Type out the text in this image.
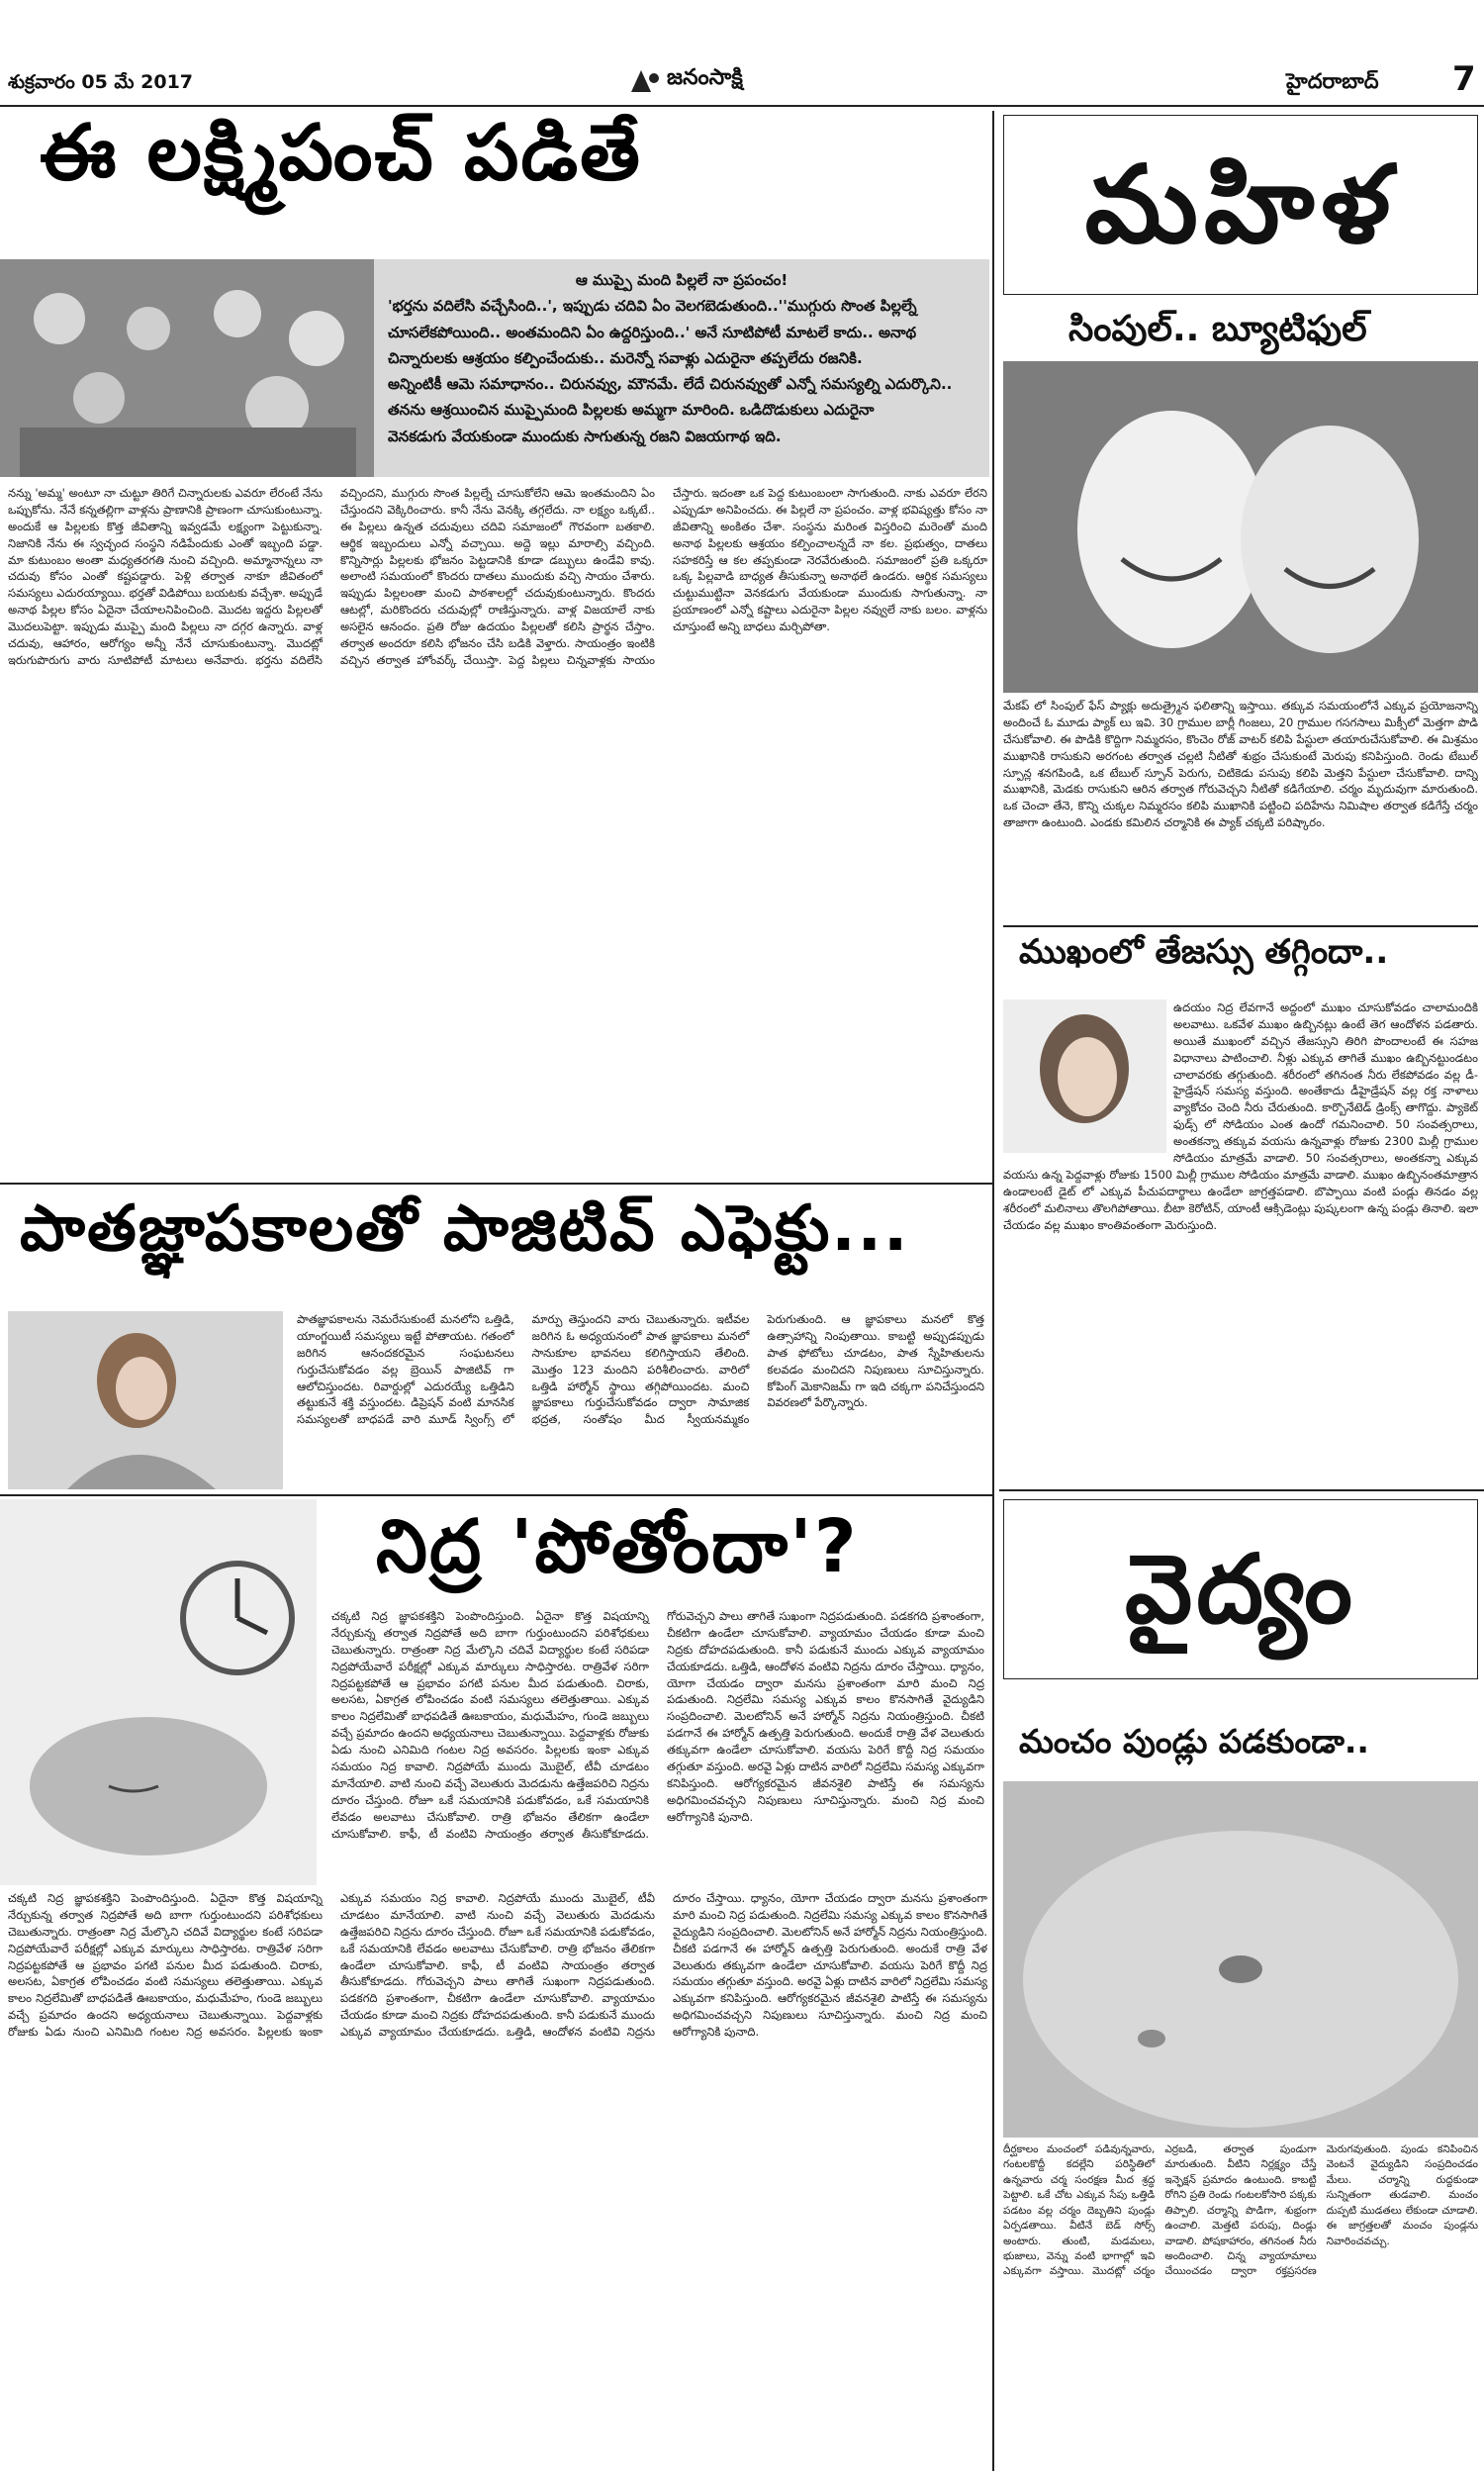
శుక్రవారం 05 మే 2017	జనంసాక్షి	హైదరాబాద్ 7
ఈ లక్ష్మిపంచ్ పడితే
ఆ ముప్పై మంది పిల్లలే నా ప్రపంచం!
'భర్తను వదిలేసి వచ్చేసింది..', ఇప్పుడు చదివి ఏం వెలగబెడుతుంది..''ముగ్గురు సొంత పిల్లల్నే
చూసలేకపోయింది.. అంతమందిని ఏం ఉద్దరిస్తుంది..' అనే సూటిపోటీ మాటలే కాదు.. అనాథ
చిన్నారులకు ఆశ్రయం కల్పించేందుకు.. మరెన్నో సవాళ్లు ఎదురైనా తప్పలేదు రజనికి.
అన్నింటికీ ఆమె సమాధానం.. చిరునవ్వు, మౌనమే. లేదే చిరునవ్వుతో ఎన్నో సమస్యల్ని ఎదుర్కొని..
తనను ఆశ్రయించిన ముప్పైమంది పిల్లలకు అమ్మగా మారింది. ఒడిదొడుకులు ఎదురైనా
వెనకడుగు వేయకుండా ముందుకు సాగుతున్న రజని విజయగాథ ఇది.
నన్ను 'అమ్మ' అంటూ నా చుట్టూ తిరిగే చిన్నారులకు ఎవరూ లేరంటే నేను ఒప్పుకోను. నేనే కన్నతల్లిగా వాళ్లను ప్రాణానికి ప్రాణంగా చూసుకుంటున్నా. అందుకే ఆ పిల్లలకు కొత్త జీవితాన్ని ఇవ్వడమే లక్ష్యంగా పెట్టుకున్నా. నిజానికి నేను ఈ స్వచ్ఛంద సంస్థని నడిపేందుకు ఎంతో ఇబ్బంది పడ్డా. మా కుటుంబం అంతా మధ్యతరగతి నుంచి వచ్చింది. అమ్మానాన్నలు నా చదువు కోసం ఎంతో కష్టపడ్డారు. పెళ్లి తర్వాత నాకూ జీవితంలో సమస్యలు ఎదురయ్యాయి. భర్తతో విడిపోయి బయటకు వచ్చేశా. అప్పుడే అనాథ పిల్లల కోసం ఏదైనా చేయాలనిపించింది. మొదట ఇద్దరు పిల్లలతో మొదలుపెట్టా. ఇప్పుడు ముప్పై మంది పిల్లలు నా దగ్గర ఉన్నారు. వాళ్ల చదువు, ఆహారం, ఆరోగ్యం అన్నీ నేనే చూసుకుంటున్నా. మొదట్లో ఇరుగుపొరుగు వారు సూటిపోటీ మాటలు అనేవారు. భర్తను వదిలేసి వచ్చిందని, ముగ్గురు సొంత పిల్లల్నే చూసుకోలేని ఆమె ఇంతమందిని ఏం చేస్తుందని వెక్కిరించారు. కానీ నేను వెనక్కి తగ్గలేదు. నా లక్ష్యం ఒక్కటే.. ఈ పిల్లలు ఉన్నత చదువులు చదివి సమాజంలో గౌరవంగా బతకాలి. ఆర్థిక ఇబ్బందులు ఎన్నో వచ్చాయి. అద్దె ఇల్లు మారాల్సి వచ్చింది. కొన్నిసార్లు పిల్లలకు భోజనం పెట్టడానికి కూడా డబ్బులు ఉండేవి కావు. అలాంటి సమయంలో కొందరు దాతలు ముందుకు వచ్చి సాయం చేశారు. ఇప్పుడు పిల్లలంతా మంచి పాఠశాలల్లో చదువుకుంటున్నారు. కొందరు ఆటల్లో, మరికొందరు చదువుల్లో రాణిస్తున్నారు. వాళ్ల విజయాలే నాకు అసలైన ఆనందం. ప్రతి రోజు ఉదయం పిల్లలతో కలిసి ప్రార్థన చేస్తాం. తర్వాత అందరూ కలిసి భోజనం చేసి బడికి వెళ్తారు. సాయంత్రం ఇంటికి వచ్చిన తర్వాత హోంవర్క్ చేయిస్తా. పెద్ద పిల్లలు చిన్నవాళ్లకు సాయం చేస్తారు. ఇదంతా ఒక పెద్ద కుటుంబంలా సాగుతుంది. నాకు ఎవరూ లేరని ఎప్పుడూ అనిపించదు. ఈ పిల్లలే నా ప్రపంచం. వాళ్ల భవిష్యత్తు కోసం నా జీవితాన్ని అంకితం చేశా. సంస్థను మరింత విస్తరించి మరెంతో మంది అనాథ పిల్లలకు ఆశ్రయం కల్పించాలన్నదే నా కల. ప్రభుత్వం, దాతలు సహకరిస్తే ఆ కల తప్పకుండా నెరవేరుతుంది. సమాజంలో ప్రతి ఒక్కరూ ఒక్క పిల్లవాడి బాధ్యత తీసుకున్నా అనాథలే ఉండరు. ఆర్థిక సమస్యలు చుట్టుముట్టినా వెనకడుగు వేయకుండా ముందుకు సాగుతున్నా. నా ప్రయాణంలో ఎన్నో కష్టాలు ఎదురైనా పిల్లల నవ్వులే నాకు బలం. వాళ్లను చూస్తుంటే అన్ని బాధలు మర్చిపోతా.
పాతజ్ఞాపకాలతో పాజిటివ్ ఎఫెక్టు...
పాతజ్ఞాపకాలను నెమరేసుకుంటే మనలోని ఒత్తిడి, యాంగ్జయిటీ సమస్యలు ఇట్టే పోతాయట. గతంలో జరిగిన ఆనందకరమైన సంఘటనలు గుర్తుచేసుకోవడం వల్ల బ్రెయిన్ పాజిటివ్ గా ఆలోచిస్తుందట. రివార్డుల్లో ఎదురయ్యే ఒత్తిడిని తట్టుకునే శక్తి వస్తుందట. డిప్రెషన్ వంటి మానసిక సమస్యలతో బాధపడే వారి మూడ్ స్వింగ్స్ లో మార్పు తెస్తుందని వారు చెబుతున్నారు. ఇటీవల జరిగిన ఓ అధ్యయనంలో పాత జ్ఞాపకాలు మనలో సానుకూల భావనలు కలిగిస్తాయని తేలింది. మొత్తం 123 మందిని పరిశీలించారు. వారిలో ఒత్తిడి హార్మోన్ స్థాయి తగ్గిపోయిందట. మంచి జ్ఞాపకాలు గుర్తుచేసుకోవడం ద్వారా సామాజిక భద్రత, సంతోషం మీద స్వీయనమ్మకం పెరుగుతుంది. ఆ జ్ఞాపకాలు మనలో కొత్త ఉత్సాహాన్ని నింపుతాయి. కాబట్టి అప్పుడప్పుడు పాత ఫోటోలు చూడటం, పాత స్నేహితులను కలవడం మంచిదని నిపుణులు సూచిస్తున్నారు. కోపింగ్ మెకానిజమ్ గా ఇది చక్కగా పనిచేస్తుందని వివరణలో పేర్కొన్నారు.
నిద్ర 'పోతోందా'?
చక్కటి నిద్ర జ్ఞాపకశక్తిని పెంపొందిస్తుంది. ఏదైనా కొత్త విషయాన్ని నేర్చుకున్న తర్వాత నిద్రపోతే అది బాగా గుర్తుంటుందని పరిశోధకులు చెబుతున్నారు. రాత్రంతా నిద్ర మేల్కొని చదివే విద్యార్థుల కంటే సరిపడా నిద్రపోయేవారే పరీక్షల్లో ఎక్కువ మార్కులు సాధిస్తారట. రాత్రివేళ సరిగా నిద్రపట్టకపోతే ఆ ప్రభావం పగటి పనుల మీద పడుతుంది. చిరాకు, అలసట, ఏకాగ్రత లోపించడం వంటి సమస్యలు తలెత్తుతాయి. ఎక్కువ కాలం నిద్రలేమితో బాధపడితే ఊబకాయం, మధుమేహం, గుండె జబ్బులు వచ్చే ప్రమాదం ఉందని అధ్యయనాలు చెబుతున్నాయి. పెద్దవాళ్లకు రోజుకు ఏడు నుంచి ఎనిమిది గంటల నిద్ర అవసరం. పిల్లలకు ఇంకా ఎక్కువ సమయం నిద్ర కావాలి. నిద్రపోయే ముందు మొబైల్, టీవీ చూడటం మానేయాలి. వాటి నుంచి వచ్చే వెలుతురు మెదడును ఉత్తేజపరిచి నిద్రను దూరం చేస్తుంది. రోజూ ఒకే సమయానికి పడుకోవడం, ఒకే సమయానికి లేవడం అలవాటు చేసుకోవాలి. రాత్రి భోజనం తేలికగా ఉండేలా చూసుకోవాలి. కాఫీ, టీ వంటివి సాయంత్రం తర్వాత తీసుకోకూడదు. గోరువెచ్చని పాలు తాగితే సుఖంగా నిద్రపడుతుంది. పడకగది ప్రశాంతంగా, చీకటిగా ఉండేలా చూసుకోవాలి. వ్యాయామం చేయడం కూడా మంచి నిద్రకు దోహదపడుతుంది. కానీ పడుకునే ముందు ఎక్కువ వ్యాయామం చేయకూడదు. ఒత్తిడి, ఆందోళన వంటివి నిద్రను దూరం చేస్తాయి. ధ్యానం, యోగా చేయడం ద్వారా మనసు ప్రశాంతంగా మారి మంచి నిద్ర పడుతుంది. నిద్రలేమి సమస్య ఎక్కువ కాలం కొనసాగితే వైద్యుడిని సంప్రదించాలి. మెలటోనిన్ అనే హార్మోన్ నిద్రను నియంత్రిస్తుంది. చీకటి పడగానే ఈ హార్మోన్ ఉత్పత్తి పెరుగుతుంది. అందుకే రాత్రి వేళ వెలుతురు తక్కువగా ఉండేలా చూసుకోవాలి. వయసు పెరిగే కొద్దీ నిద్ర సమయం తగ్గుతూ వస్తుంది. అరవై ఏళ్లు దాటిన వారిలో నిద్రలేమి సమస్య ఎక్కువగా కనిపిస్తుంది. ఆరోగ్యకరమైన జీవనశైలి పాటిస్తే ఈ సమస్యను అధిగమించవచ్చని నిపుణులు సూచిస్తున్నారు. మంచి నిద్ర మంచి ఆరోగ్యానికి పునాది.
చక్కటి నిద్ర జ్ఞాపకశక్తిని పెంపొందిస్తుంది. ఏదైనా కొత్త విషయాన్ని నేర్చుకున్న తర్వాత నిద్రపోతే అది బాగా గుర్తుంటుందని పరిశోధకులు చెబుతున్నారు. రాత్రంతా నిద్ర మేల్కొని చదివే విద్యార్థుల కంటే సరిపడా నిద్రపోయేవారే పరీక్షల్లో ఎక్కువ మార్కులు సాధిస్తారట. రాత్రివేళ సరిగా నిద్రపట్టకపోతే ఆ ప్రభావం పగటి పనుల మీద పడుతుంది. చిరాకు, అలసట, ఏకాగ్రత లోపించడం వంటి సమస్యలు తలెత్తుతాయి. ఎక్కువ కాలం నిద్రలేమితో బాధపడితే ఊబకాయం, మధుమేహం, గుండె జబ్బులు వచ్చే ప్రమాదం ఉందని అధ్యయనాలు చెబుతున్నాయి. పెద్దవాళ్లకు రోజుకు ఏడు నుంచి ఎనిమిది గంటల నిద్ర అవసరం. పిల్లలకు ఇంకా ఎక్కువ సమయం నిద్ర కావాలి. నిద్రపోయే ముందు మొబైల్, టీవీ చూడటం మానేయాలి. వాటి నుంచి వచ్చే వెలుతురు మెదడును ఉత్తేజపరిచి నిద్రను దూరం చేస్తుంది. రోజూ ఒకే సమయానికి పడుకోవడం, ఒకే సమయానికి లేవడం అలవాటు చేసుకోవాలి. రాత్రి భోజనం తేలికగా ఉండేలా చూసుకోవాలి. కాఫీ, టీ వంటివి సాయంత్రం తర్వాత తీసుకోకూడదు. గోరువెచ్చని పాలు తాగితే సుఖంగా నిద్రపడుతుంది. పడకగది ప్రశాంతంగా, చీకటిగా ఉండేలా చూసుకోవాలి. వ్యాయామం చేయడం కూడా మంచి నిద్రకు దోహదపడుతుంది. కానీ పడుకునే ముందు ఎక్కువ వ్యాయామం చేయకూడదు. ఒత్తిడి, ఆందోళన వంటివి నిద్రను దూరం చేస్తాయి. ధ్యానం, యోగా చేయడం ద్వారా మనసు ప్రశాంతంగా మారి మంచి నిద్ర పడుతుంది. నిద్రలేమి సమస్య ఎక్కువ కాలం కొనసాగితే వైద్యుడిని సంప్రదించాలి. మెలటోనిన్ అనే హార్మోన్ నిద్రను నియంత్రిస్తుంది. చీకటి పడగానే ఈ హార్మోన్ ఉత్పత్తి పెరుగుతుంది. అందుకే రాత్రి వేళ వెలుతురు తక్కువగా ఉండేలా చూసుకోవాలి. వయసు పెరిగే కొద్దీ నిద్ర సమయం తగ్గుతూ వస్తుంది. అరవై ఏళ్లు దాటిన వారిలో నిద్రలేమి సమస్య ఎక్కువగా కనిపిస్తుంది. ఆరోగ్యకరమైన జీవనశైలి పాటిస్తే ఈ సమస్యను అధిగమించవచ్చని నిపుణులు సూచిస్తున్నారు. మంచి నిద్ర మంచి ఆరోగ్యానికి పునాది.
మహిళ
సింపుల్.. బ్యూటిఫుల్
మేకప్ లో సింపుల్ ఫేస్ ప్యాక్లు అదుత్ర్మైన ఫలితాన్ని ఇస్తాయి. తక్కువ సమయంలోనే ఎక్కువ ప్రయోజనాన్ని అందించే ఓ మూడు ప్యాక్ లు ఇవి. 30 గ్రాముల బార్లీ గింజలు, 20 గ్రాముల గసగసాలు మిక్సీలో మెత్తగా పొడి చేసుకోవాలి. ఈ పొడికి కొద్దిగా నిమ్మరసం, కొంచెం రోజ్ వాటర్ కలిపి పేస్టులా తయారుచేసుకోవాలి. ఈ మిశ్రమం ముఖానికి రాసుకుని అరగంట తర్వాత చల్లటి నీటితో శుభ్రం చేసుకుంటే మెరుపు కనిపిస్తుంది. రెండు టేబుల్ స్పూన్ల శనగపిండి, ఒక టేబుల్ స్పూన్ పెరుగు, చిటికెడు పసుపు కలిపి మెత్తని పేస్టులా చేసుకోవాలి. దాన్ని ముఖానికి, మెడకు రాసుకుని ఆరిన తర్వాత గోరువెచ్చని నీటితో కడిగేయాలి. చర్మం మృదువుగా మారుతుంది. ఒక చెంచా తేనె, కొన్ని చుక్కల నిమ్మరసం కలిపి ముఖానికి పట్టించి పదిహేను నిమిషాల తర్వాత కడిగేస్తే చర్మం తాజాగా ఉంటుంది. ఎండకు కమిలిన చర్మానికి ఈ ప్యాక్ చక్కటి పరిష్కారం.
ముఖంలో తేజస్సు తగ్గిందా..
ఉదయం నిద్ర లేవగానే అద్దంలో ముఖం చూసుకోవడం చాలామందికి అలవాటు. ఒకవేళ ముఖం ఉబ్బినట్లు ఉంటే తెగ ఆందోళన పడతారు. అయితే ముఖంలో వచ్చిన తేజస్సుని తిరిగి పొందాలంటే ఈ సహజ విధానాలు పాటించాలి. నీళ్లు ఎక్కువ తాగితే ముఖం ఉబ్బినట్టుండటం చాలావరకు తగ్గుతుంది. శరీరంలో తగినంత నీరు లేకపోవడం వల్ల డీ-హైడ్రేషన్ సమస్య వస్తుంది. అంతేకాదు డీహైడ్రేషన్ వల్ల రక్త నాళాలు వ్యాకోచం చెంది నీరు చేరుతుంది. కార్బొనేటెడ్ డ్రింక్స్ తాగొద్దు. ప్యాకెట్ ఫుడ్స్ లో సోడియం ఎంత ఉందో గమనించాలి. 50 సంవత్సరాలు, అంతకన్నా తక్కువ వయసు ఉన్నవాళ్లు రోజుకు 2300 మిల్లీ గ్రాముల సోడియం మాత్రమే వాడాలి. 50 సంవత్సరాలు, అంతకన్నా ఎక్కువ వయసు ఉన్న పెద్దవాళ్లు రోజుకు 1500 మిల్లీ గ్రాముల సోడియం మాత్రమే వాడాలి. ముఖం ఉబ్బినంతమాత్రాన ఉండాలంటే డైట్ లో ఎక్కువ పీచుపదార్థాలు ఉండేలా జాగ్రత్తపడాలి. బొప్పాయి వంటి పండ్లు తినడం వల్ల శరీరంలో మలినాలు తొలగిపోతాయి. బీటా కెరోటిన్, యాంటీ ఆక్సిడెంట్లు పుష్కలంగా ఉన్న పండ్లు తినాలి. ఇలా చేయడం వల్ల ముఖం కాంతివంతంగా మెరుస్తుంది.
వైద్యం
మంచం పుండ్లు పడకుండా..
దీర్ఘకాలం మంచంలో పడివున్నవారు, గంటలకొద్దీ కదల్లేని పరిస్థితిలో ఉన్నవారు చర్మ సంరక్షణ మీద శ్రద్ధ పెట్టాలి. ఒకే చోట ఎక్కువ సేపు ఒత్తిడి పడటం వల్ల చర్మం దెబ్బతిని పుండ్లు ఏర్పడతాయి. వీటినే బెడ్ సోర్స్ అంటారు. తుంటి, మడమలు, భుజాలు, వెన్ను వంటి భాగాల్లో ఇవి ఎక్కువగా వస్తాయి. మొదట్లో చర్మం ఎర్రబడి, తర్వాత పుండుగా మారుతుంది. వీటిని నిర్లక్ష్యం చేస్తే ఇన్ఫెక్షన్ ప్రమాదం ఉంటుంది. కాబట్టి రోగిని ప్రతి రెండు గంటలకోసారి పక్కకు తిప్పాలి. చర్మాన్ని పొడిగా, శుభ్రంగా ఉంచాలి. మెత్తటి పరుపు, దిండ్లు వాడాలి. పోషకాహారం, తగినంత నీరు అందించాలి. చిన్న వ్యాయామాలు చేయించడం ద్వారా రక్తప్రసరణ మెరుగవుతుంది. పుండు కనిపించిన వెంటనే వైద్యుడిని సంప్రదించడం మేలు. చర్మాన్ని రుద్దకుండా సున్నితంగా తుడవాలి. మంచం దుప్పటి ముడతలు లేకుండా చూడాలి. ఈ జాగ్రత్తలతో మంచం పుండ్లను నివారించవచ్చు.
